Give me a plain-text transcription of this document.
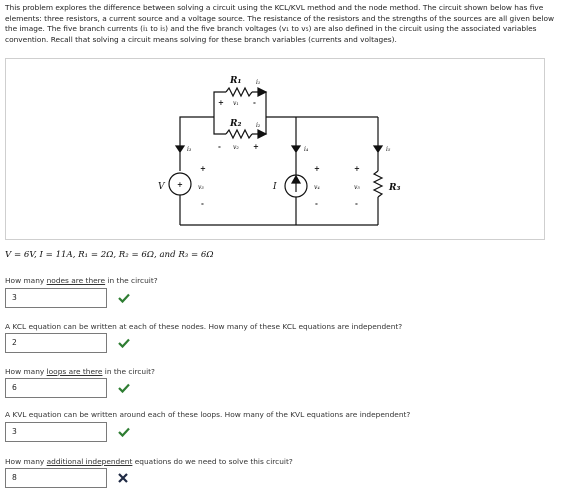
This problem explores the difference between solving a circuit using the KCL/KVL method and the node method. The circuit shown below has five elements: three resistors, a current source and a voltage source. The resistance of the resistors and the strengths of the sources are all given below the image. The five branch currents (i₁ to i₅) and the five branch voltages (v₁ to v₅) are also defined in the circuit using the associated variables convention. Recall that solving a circuit means solving for these branch variables (currents and voltages).
R₁
R₂
R₃
i₁
i₂
i₃	i₄	i₅
v₁
v₂
v₃	v₄	v₅
V	I
+	-
-	+
+
+
-
+
-
+
-
V = 6V, I = 11A, R₁ = 2Ω, R₂ = 6Ω, and R₃ = 6Ω
How many nodes are there in the circuit?
3
A KCL equation can be written at each of these nodes. How many of these KCL equations are independent?
2
How many loops are there in the circuit?
6
A KVL equation can be written around each of these loops. How many of the KVL equations are independent?
3
How many additional independent equations do we need to solve this circuit?
8
